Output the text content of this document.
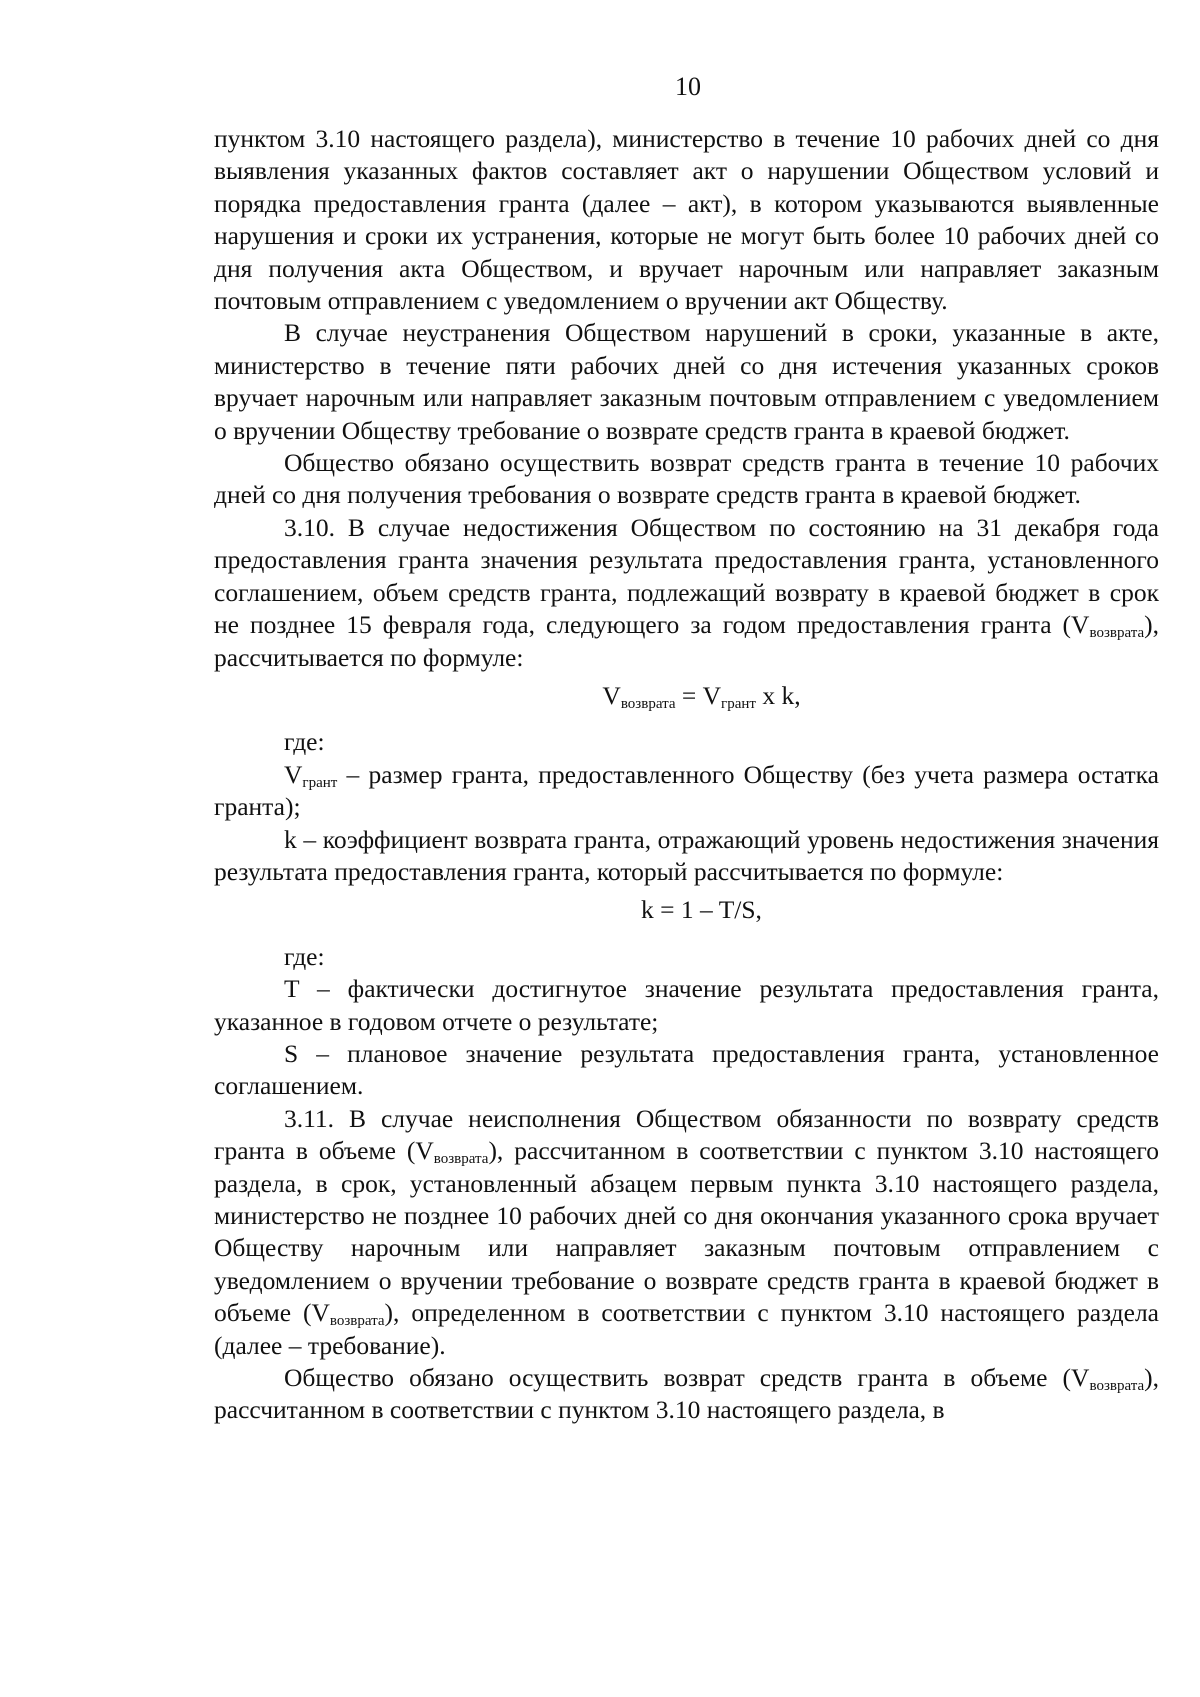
10

пунктом 3.10 настоящего раздела), министерство в течение 10 рабочих дней со дня выявления указанных фактов составляет акт о нарушении Обществом условий и порядка предоставления гранта (далее – акт), в котором указываются выявленные нарушения и сроки их устранения, которые не могут быть более 10 рабочих дней со дня получения акта Обществом, и вручает нарочным или направляет заказным почтовым отправлением с уведомлением о вручении акт Обществу.

В случае неустранения Обществом нарушений в сроки, указанные в акте, министерство в течение пяти рабочих дней со дня истечения указанных сроков вручает нарочным или направляет заказным почтовым отправлением с уведомлением о вручении Обществу требование о возврате средств гранта в краевой бюджет.

Общество обязано осуществить возврат средств гранта в течение 10 рабочих дней со дня получения требования о возврате средств гранта в краевой бюджет.

3.10. В случае недостижения Обществом по состоянию на 31 декабря года предоставления гранта значения результата предоставления гранта, установленного соглашением, объем средств гранта, подлежащий возврату в краевой бюджет в срок не позднее 15 февраля года, следующего за годом предоставления гранта $(V_{возврата})$, рассчитывается по формуле:

$V_{возврата} = V_{грант}$ x k,

где:

$V_{грант}$ – размер гранта, предоставленного Обществу (без учета размера остатка гранта);

k – коэффициент возврата гранта, отражающий уровень недостижения значения результата предоставления гранта, который рассчитывается по формуле:

k = 1 – T/S,

где:

T – фактически достигнутое значение результата предоставления гранта, указанное в годовом отчете о результате;

S – плановое значение результата предоставления гранта, установленное соглашением.

3.11. В случае неисполнения Обществом обязанности по возврату средств гранта в объеме $(V_{возврата})$, рассчитанном в соответствии с пунктом 3.10 настоящего раздела, в срок, установленный абзацем первым пункта 3.10 настоящего раздела, министерство не позднее 10 рабочих дней со дня окончания указанного срока вручает Обществу нарочным или направляет заказным почтовым отправлением с уведомлением о вручении требование о возврате средств гранта в краевой бюджет в объеме $(V_{возврата})$, определенном в соответствии с пунктом 3.10 настоящего раздела (далее – требование).

Общество обязано осуществить возврат средств гранта в объеме $(V_{возврата})$, рассчитанном в соответствии с пунктом 3.10 настоящего раздела, в
